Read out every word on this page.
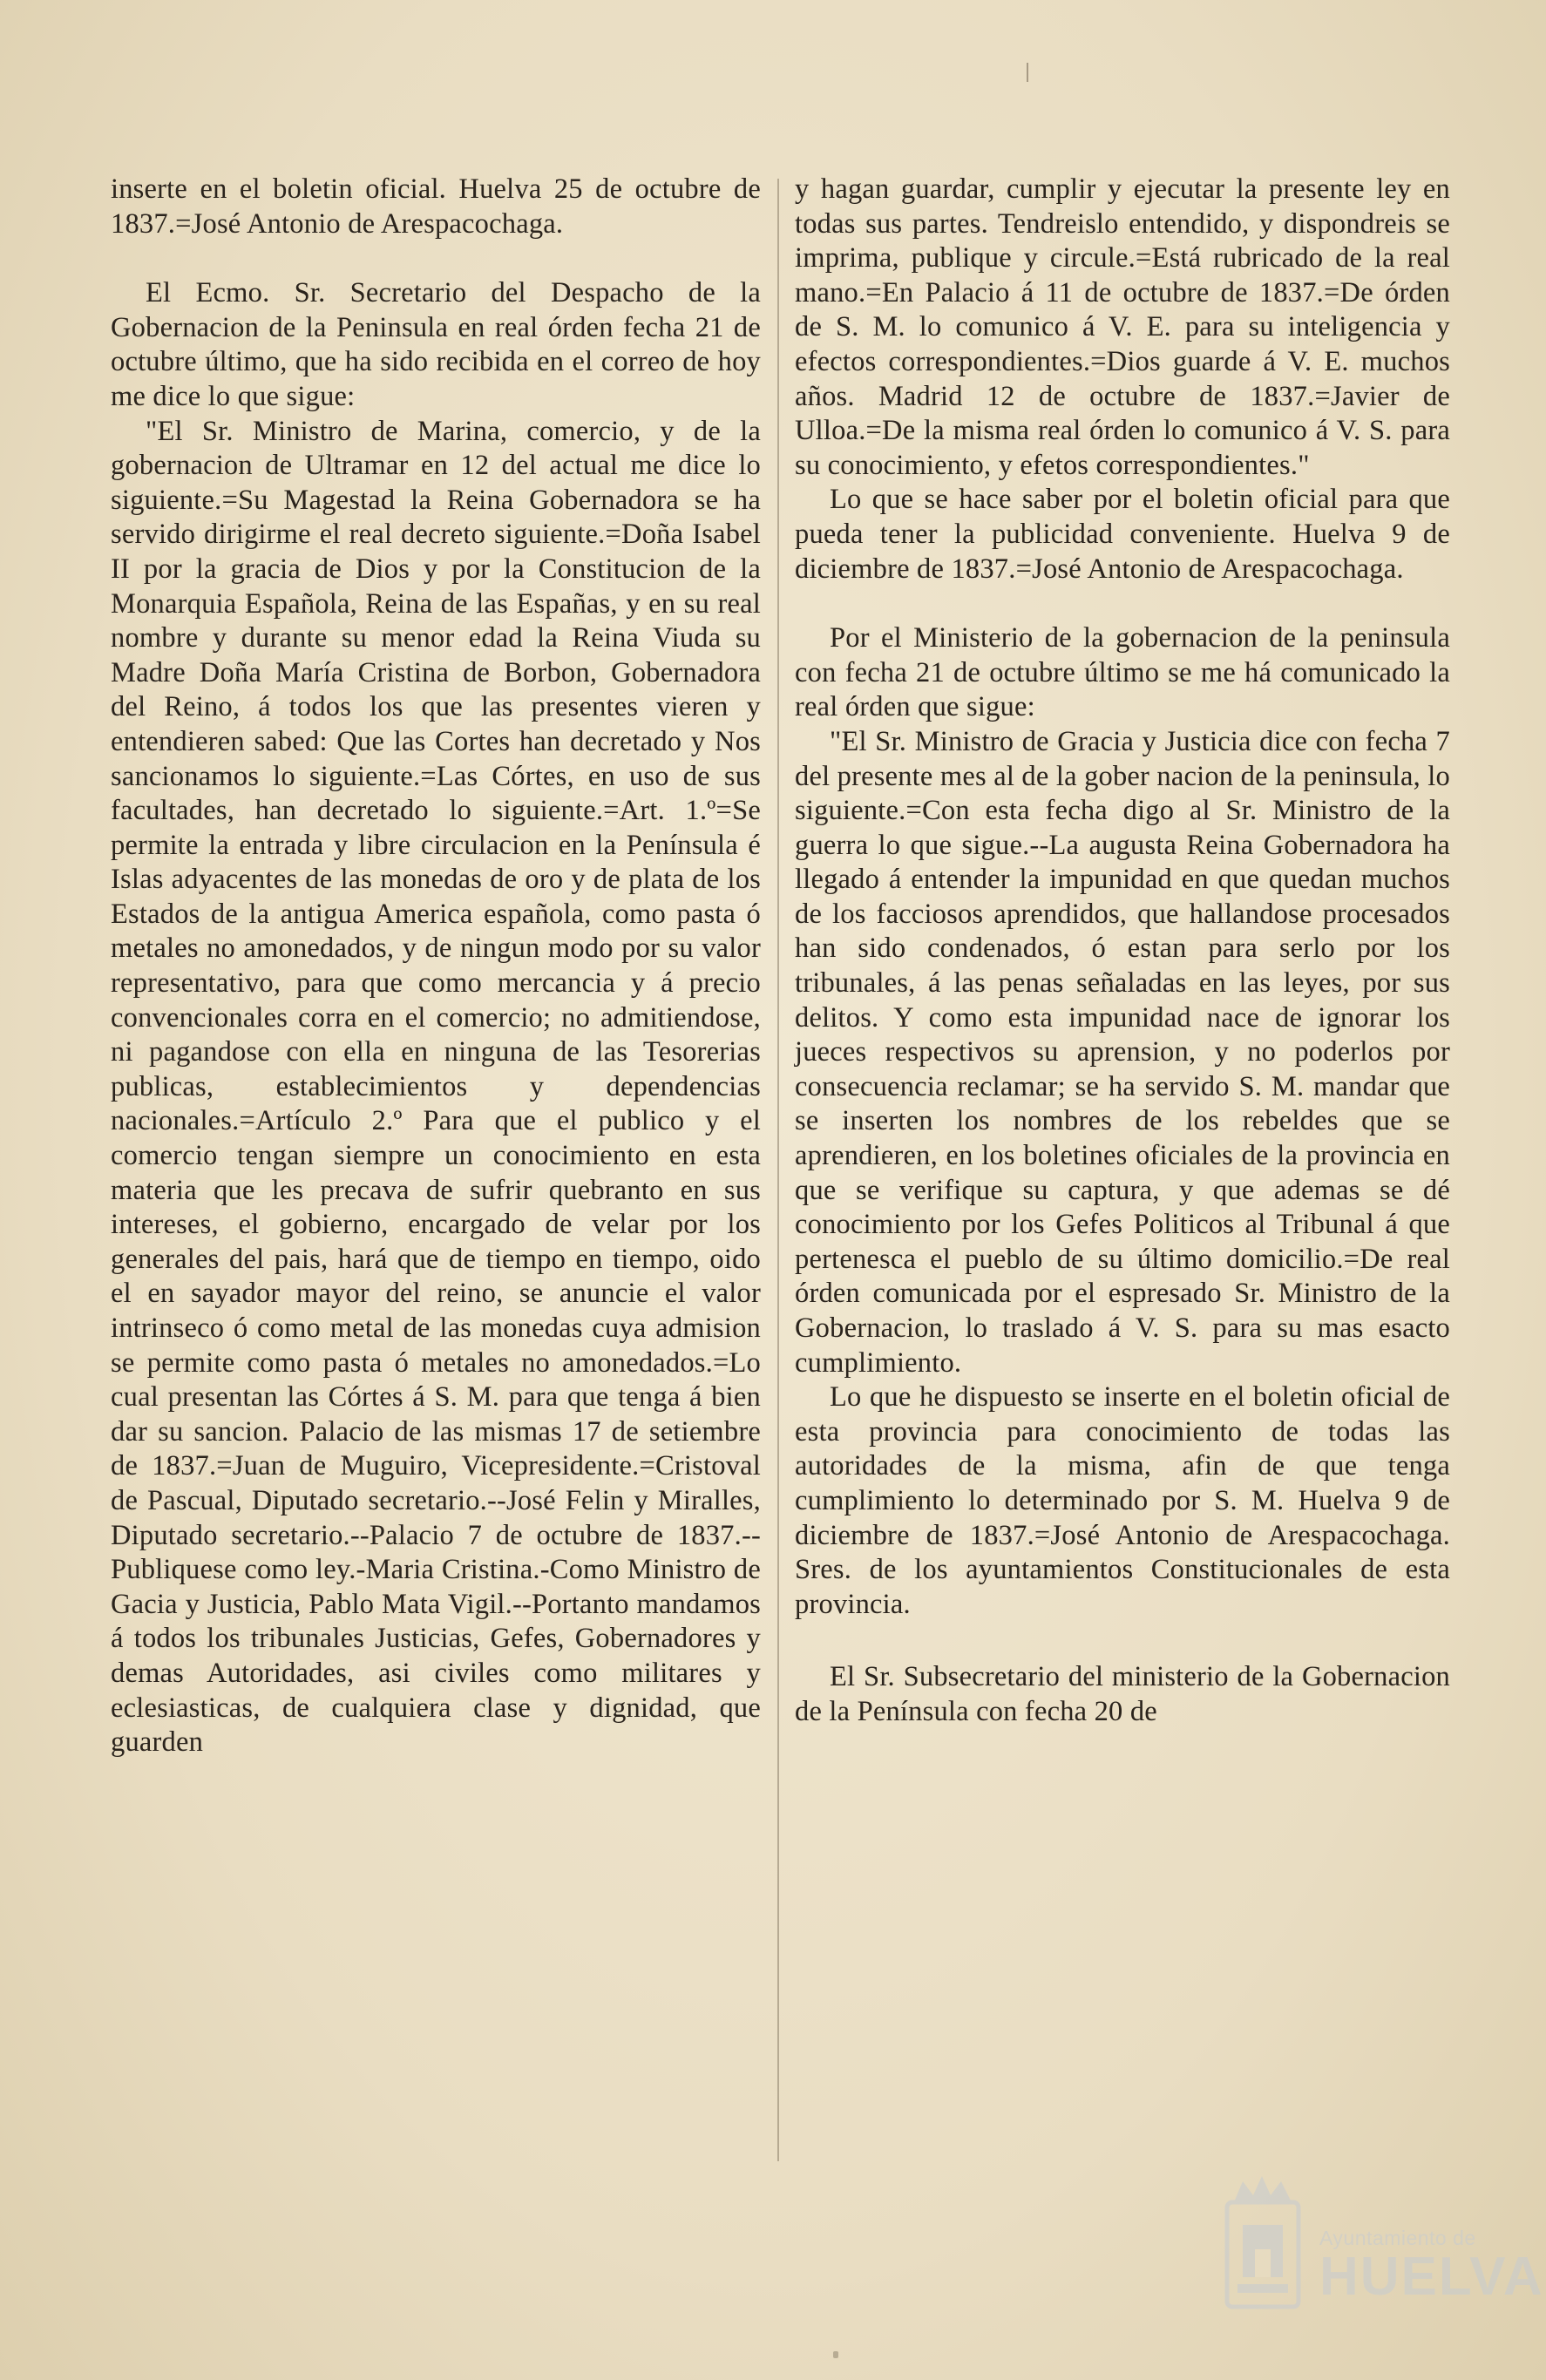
inserte en el boletin oficial. Huelva 25 de octubre de 1837.=José Antonio de Arespacochaga.

El Ecmo. Sr. Secretario del Despacho de la Gobernacion de la Peninsula en real órden fecha 21 de octubre último, que ha sido recibida en el correo de hoy me dice lo que sigue:

"El Sr. Ministro de Marina, comercio, y de la gobernacion de Ultramar en 12 del actual me dice lo siguiente.=Su Magestad la Reina Gobernadora se ha servido dirigirme el real decreto siguiente.=Doña Isabel II por la gracia de Dios y por la Constitucion de la Monarquia Española, Reina de las Españas, y en su real nombre y durante su menor edad la Reina Viuda su Madre Doña María Cristina de Borbon, Gobernadora del Reino, á todos los que las presentes vieren y entendieren sabed: Que las Cortes han decretado y Nos sancionamos lo siguiente.=Las Córtes, en uso de sus facultades, han decretado lo siguiente.=Art. 1.º=Se permite la entrada y libre circulacion en la Península é Islas adyacentes de las monedas de oro y de plata de los Estados de la antigua America española, como pasta ó metales no amonedados, y de ningun modo por su valor representativo, para que como mercancia y á precio convencionales corra en el comercio; no admitiendose, ni pagandose con ella en ninguna de las Tesorerias publicas, establecimientos y dependencias nacionales.=Artículo 2.º Para que el publico y el comercio tengan siempre un conocimiento en esta materia que les precava de sufrir quebranto en sus intereses, el gobierno, encargado de velar por los generales del pais, hará que de tiempo en tiempo, oido el en sayador mayor del reino, se anuncie el valor intrinseco ó como metal de las monedas cuya admision se permite como pasta ó metales no amonedados.=Lo cual presentan las Córtes á S. M. para que tenga á bien dar su sancion. Palacio de las mismas 17 de setiembre de 1837.=Juan de Muguiro, Vicepresidente.=Cristoval de Pascual, Diputado secretario.--José Felin y Miralles, Diputado secretario.--Palacio 7 de octubre de 1837.--Publiquese como ley.-Maria Cristina.-Como Ministro de Gacia y Justicia, Pablo Mata Vigil.--Portanto mandamos á todos los tribunales Justicias, Gefes, Gobernadores y demas Autoridades, asi civiles como militares y eclesiasticas, de cualquiera clase y dignidad, que guarden

y hagan guardar, cumplir y ejecutar la presente ley en todas sus partes. Tendreislo entendido, y dispondreis se imprima, publique y circule.=Está rubricado de la real mano.=En Palacio á 11 de octubre de 1837.=De órden de S. M. lo comunico á V. E. para su inteligencia y efectos correspondientes.=Dios guarde á V. E. muchos años. Madrid 12 de octubre de 1837.=Javier de Ulloa.=De la misma real órden lo comunico á V. S. para su conocimiento, y efetos correspondientes."

Lo que se hace saber por el boletin oficial para que pueda tener la publicidad conveniente. Huelva 9 de diciembre de 1837.=José Antonio de Arespacochaga.

Por el Ministerio de la gobernacion de la peninsula con fecha 21 de octubre último se me há comunicado la real órden que sigue:

"El Sr. Ministro de Gracia y Justicia dice con fecha 7 del presente mes al de la gober nacion de la peninsula, lo siguiente.=Con esta fecha digo al Sr. Ministro de la guerra lo que sigue.--La augusta Reina Gobernadora ha llegado á entender la impunidad en que quedan muchos de los facciosos aprendidos, que hallandose procesados han sido condenados, ó estan para serlo por los tribunales, á las penas señaladas en las leyes, por sus delitos. Y como esta impunidad nace de ignorar los jueces respectivos su aprension, y no poderlos por consecuencia reclamar; se ha servido S. M. mandar que se inserten los nombres de los rebeldes que se aprendieren, en los boletines oficiales de la provincia en que se verifique su captura, y que ademas se dé conocimiento por los Gefes Politicos al Tribunal á que pertenesca el pueblo de su último domicilio.=De real órden comunicada por el espresado Sr. Ministro de la Gobernacion, lo traslado á V. S. para su mas esacto cumplimiento.

Lo que he dispuesto se inserte en el boletin oficial de esta provincia para conocimiento de todas las autoridades de la misma, afin de que tenga cumplimiento lo determinado por S. M. Huelva 9 de diciembre de 1837.=José Antonio de Arespacochaga. Sres. de los ayuntamientos Constitucionales de esta provincia.

El Sr. Subsecretario del ministerio de la Gobernacion de la Península con fecha 20 de

Ayuntamiento de
HUELVA
